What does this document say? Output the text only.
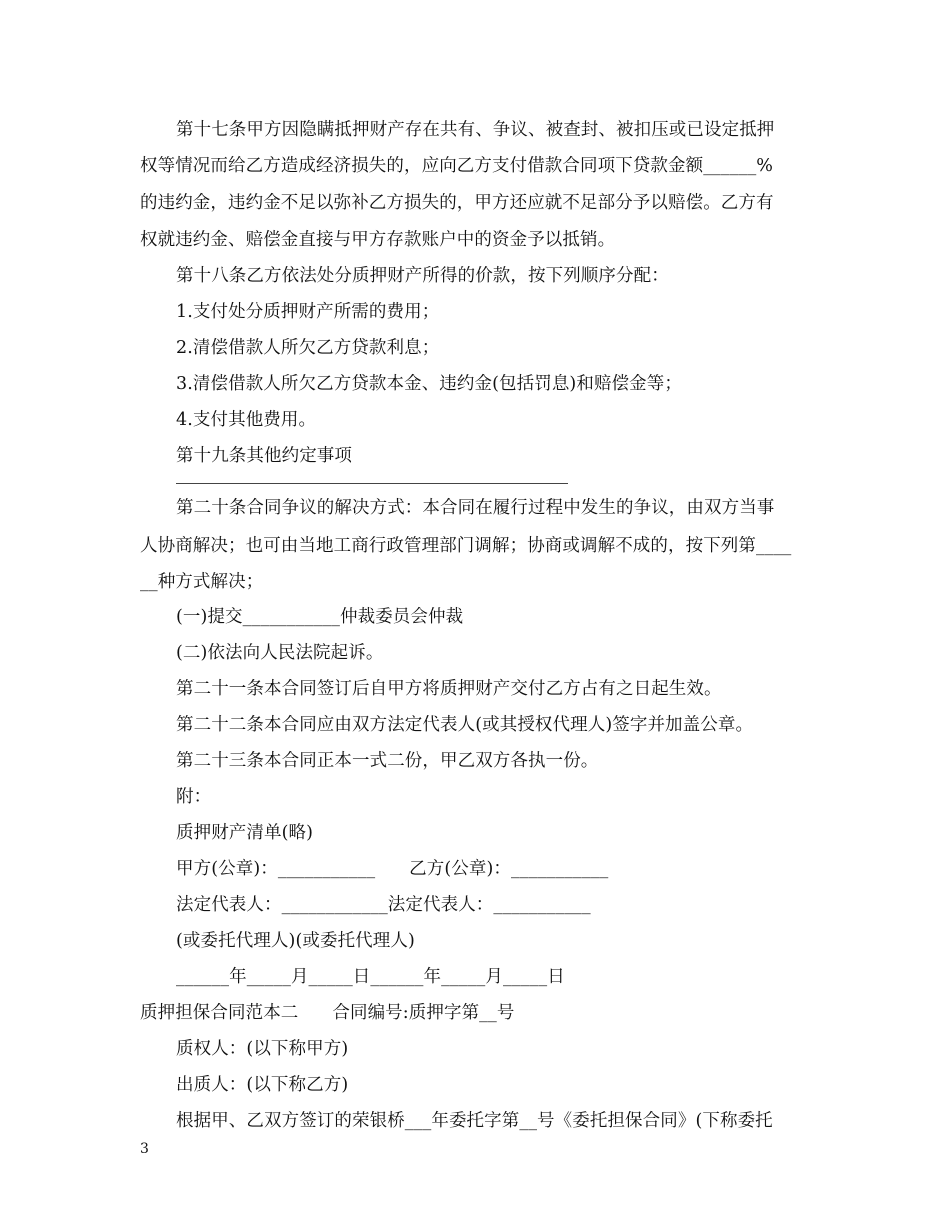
第十七条甲方因隐瞒抵押财产存在共有、争议、被查封、被扣压或已设定抵押
权等情况而给乙方造成经济损失的，应向乙方支付借款合同项下贷款金额______%
的违约金，违约金不足以弥补乙方损失的，甲方还应就不足部分予以赔偿。乙方有
权就违约金、赔偿金直接与甲方存款账户中的资金予以抵销。
第十八条乙方依法处分质押财产所得的价款，按下列顺序分配：
1.支付处分质押财产所需的费用；
2.清偿借款人所欠乙方贷款利息；
3.清偿借款人所欠乙方贷款本金、违约金(包括罚息)和赔偿金等；
4.支付其他费用。
第十九条其他约定事项
第二十条合同争议的解决方式：本合同在履行过程中发生的争议，由双方当事
人协商解决；也可由当地工商行政管理部门调解；协商或调解不成的，按下列第____
__种方式解决；
(一)提交___________仲裁委员会仲裁
(二)依法向人民法院起诉。
第二十一条本合同签订后自甲方将质押财产交付乙方占有之日起生效。
第二十二条本合同应由双方法定代表人(或其授权代理人)签字并加盖公章。
第二十三条本合同正本一式二份，甲乙双方各执一份。
附：
质押财产清单(略)
甲方(公章)：___________      乙方(公章)：___________
法定代表人：____________法定代表人：___________
(或委托代理人)(或委托代理人)
______年_____月_____日______年_____月_____日
质押担保合同范本二      合同编号:质押字第__号
质权人：(以下称甲方)
出质人：(以下称乙方)
根据甲、乙双方签订的荣银桥___年委托字第__号《委托担保合同》(下称委托
3
